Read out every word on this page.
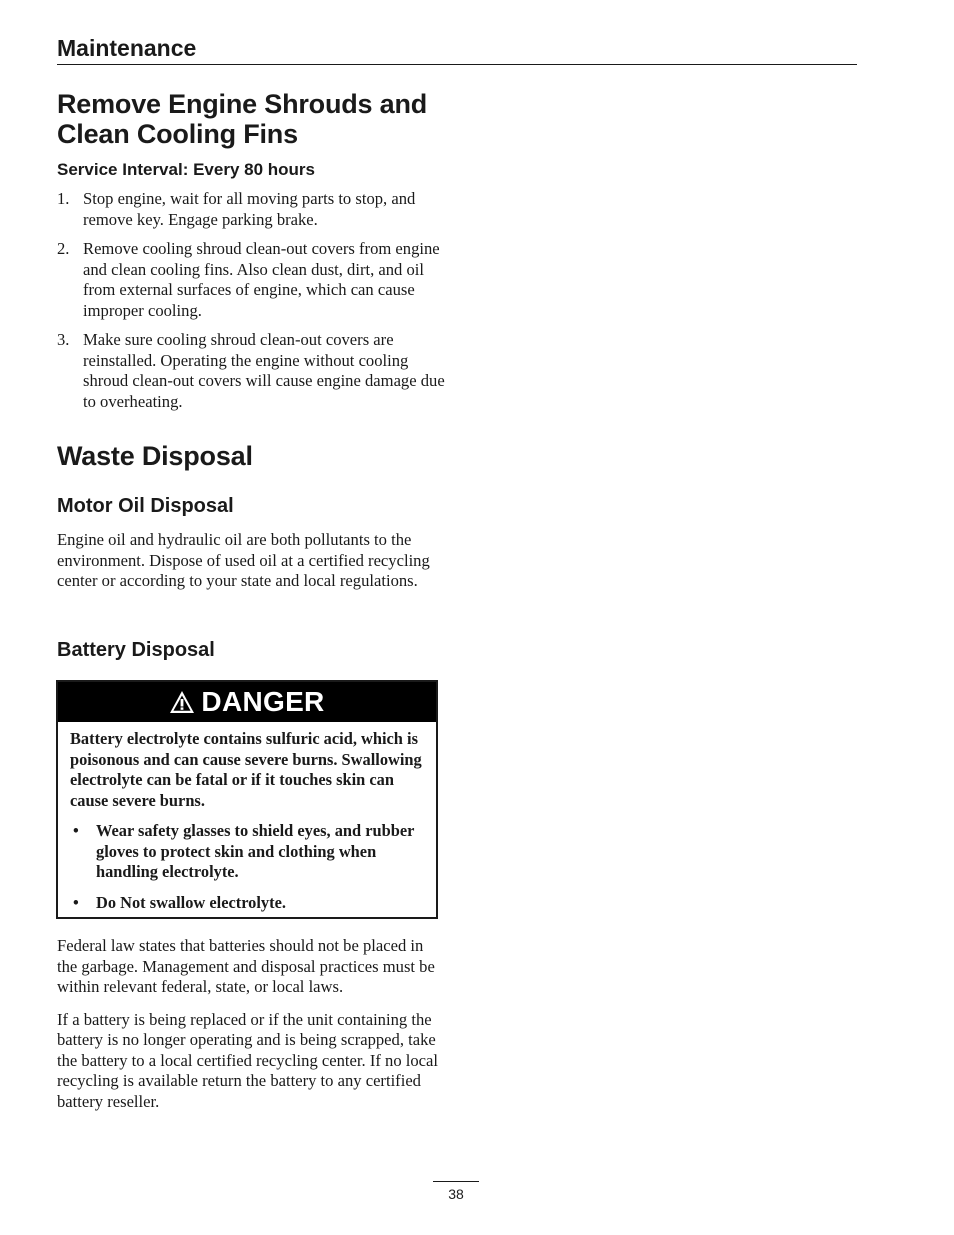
Maintenance
Remove Engine Shrouds and
Clean Cooling Fins
Service Interval: Every 80 hours
1. Stop engine, wait for all moving parts to stop, and remove key. Engage parking brake.
2. Remove cooling shroud clean-out covers from engine and clean cooling fins. Also clean dust, dirt, and oil from external surfaces of engine, which can cause improper cooling.
3. Make sure cooling shroud clean-out covers are reinstalled. Operating the engine without cooling shroud clean-out covers will cause engine damage due to overheating.
Waste Disposal
Motor Oil Disposal

Engine oil and hydraulic oil are both pollutants to the environment. Dispose of used oil at a certified recycling center or according to your state and local regulations.

Battery Disposal
DANGER

Battery electrolyte contains sulfuric acid, which is poisonous and can cause severe burns. Swallowing electrolyte can be fatal or if it touches skin can cause severe burns.

• Wear safety glasses to shield eyes, and rubber gloves to protect skin and clothing when handling electrolyte.
• Do Not swallow electrolyte.

Federal law states that batteries should not be placed in the garbage. Management and disposal practices must be within relevant federal, state, or local laws.

If a battery is being replaced or if the unit containing the battery is no longer operating and is being scrapped, take the battery to a local certified recycling center. If no local recycling is available return the battery to any certified battery reseller.

38
